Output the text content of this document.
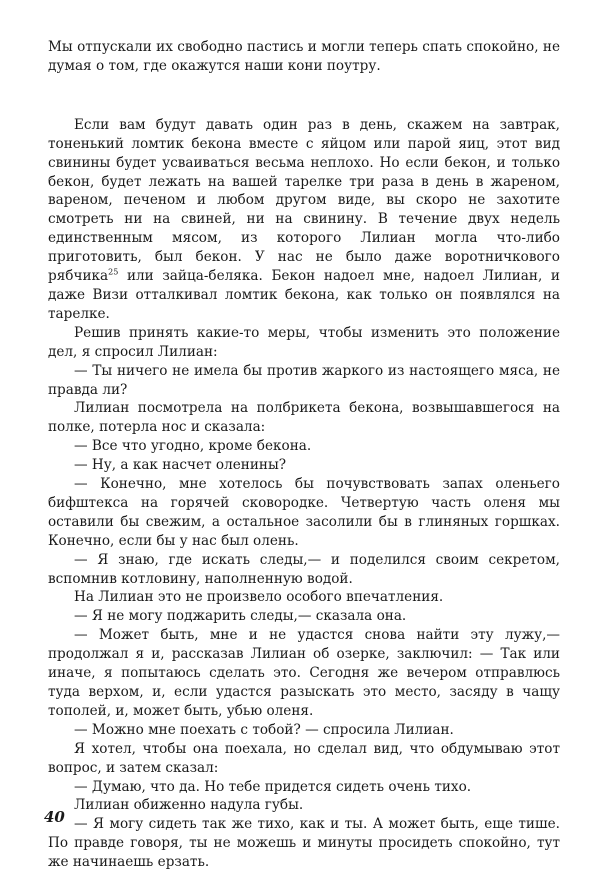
Мы отпускали их свободно пастись и могли теперь спать спокойно, не думая о том, где окажутся наши кони поутру.

Если вам будут давать один раз в день, скажем на завтрак, тоненький ломтик бекона вместе с яйцом или парой яиц, этот вид свинины будет усваиваться весьма неплохо. Но если бекон, и только бекон, будет лежать на вашей тарелке три раза в день в жареном, вареном, печеном и любом другом виде, вы скоро не захотите смотреть ни на свиней, ни на свинину. В течение двух недель единственным мясом, из которого Лилиан могла что-либо приготовить, был бекон. У нас не было даже воротничкового рябчика$^{25}$ или зайца-беляка. Бекон надоел мне, надоел Лилиан, и даже Визи отталкивал ломтик бекона, как только он появлялся на тарелке.

Решив принять какие-то меры, чтобы изменить это положение дел, я спросил Лилиан:

— Ты ничего не имела бы против жаркого из настоящего мяса, не правда ли?

Лилиан посмотрела на полбрикета бекона, возвышавшегося на полке, потерла нос и сказала:

— Все что угодно, кроме бекона.

— Ну, а как насчет оленины?

— Конечно, мне хотелось бы почувствовать запах оленьего бифштекса на горячей сковородке. Четвертую часть оленя мы оставили бы свежим, а остальное засолили бы в глиняных горшках. Конечно, если бы у нас был олень.

— Я знаю, где искать следы,— и поделился своим секретом, вспомнив котловину, наполненную водой.

На Лилиан это не произвело особого впечатления.

— Я не могу поджарить следы,— сказала она.

— Может быть, мне и не удастся снова найти эту лужу,— продолжал я и, рассказав Лилиан об озерке, заключил: — Так или иначе, я попытаюсь сделать это. Сегодня же вечером отправлюсь туда верхом, и, если удастся разыскать это место, засяду в чащу тополей, и, может быть, убью оленя.

— Можно мне поехать с тобой? — спросила Лилиан.

Я хотел, чтобы она поехала, но сделал вид, что обдумываю этот вопрос, и затем сказал:

— Думаю, что да. Но тебе придется сидеть очень тихо.

Лилиан обиженно надула губы.

— Я могу сидеть так же тихо, как и ты. А может быть, еще тише. По правде говоря, ты не можешь и минуты просидеть спокойно, тут же начинаешь ерзать.

40
